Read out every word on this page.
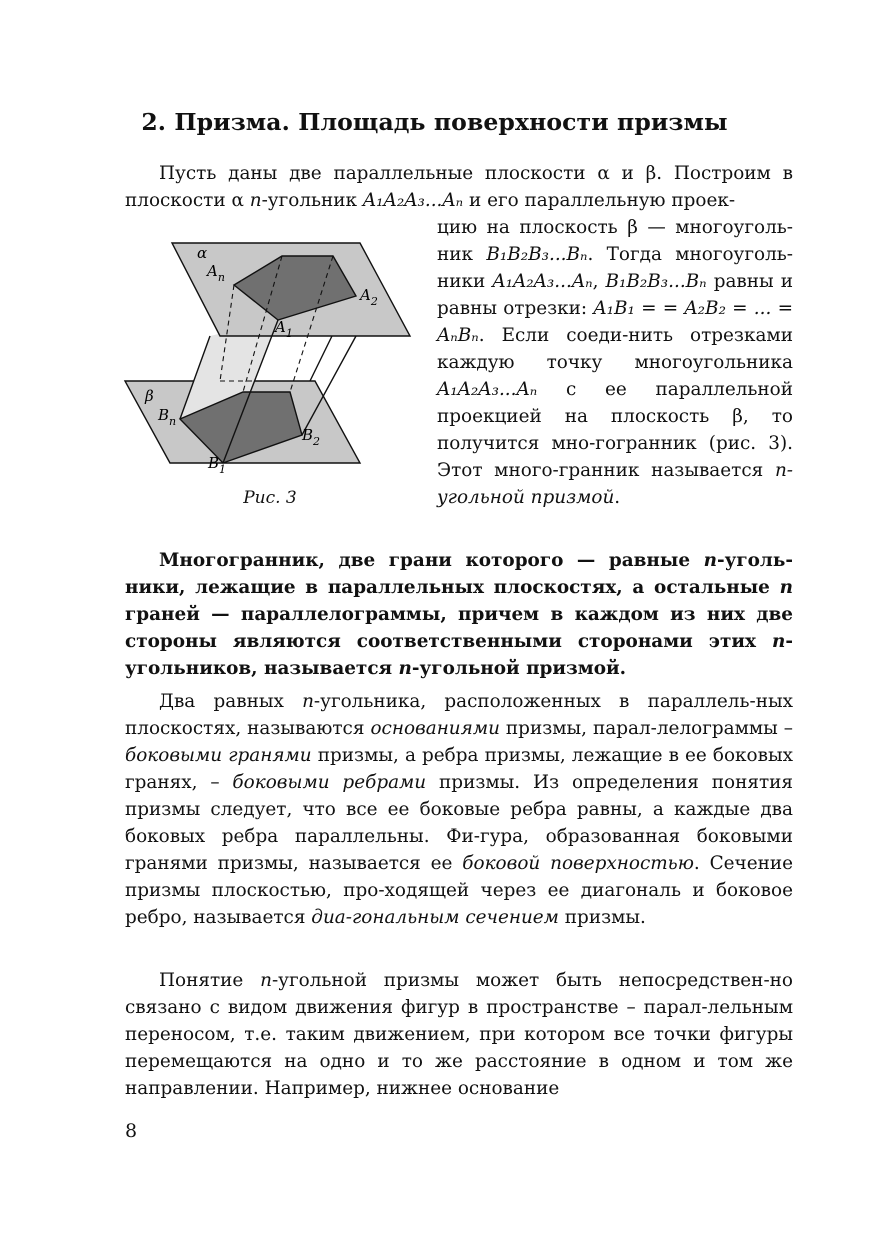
2. Призма. Площадь поверхности призмы

Пусть даны две параллельные плоскости α и β. Построим в плоскости α n-угольник A₁A₂A₃...Aₙ и его параллельную проек-

цию на плоскость β — многоуголь-ник B₁B₂B₃...Bₙ. Тогда многоуголь-ники A₁A₂A₃...Aₙ, B₁B₂B₃...Bₙ равны и равны отрезки: A₁B₁ = = A₂B₂ = ... = AₙBₙ. Если соеди-нить отрезками каждую точку многоугольника A₁A₂A₃...Aₙ с ее параллельной проекцией на плоскость β, то получится мно-гогранник (рис. 3). Этот много-гранник называется n-угольной призмой.

α
$A_n$
$A_1$
$A_2$
β
$B_n$
$B_1$
$B_2$
Рис. 3

Многогранник, две грани которого — равные n-уголь-ники, лежащие в параллельных плоскостях, а остальные n граней — параллелограммы, причем в каждом из них две стороны являются соответственными сторонами этих n-угольников, называется n-угольной призмой.

Два равных n-угольника, расположенных в параллель-ных плоскостях, называются основаниями призмы, парал-лелограммы – боковыми гранями призмы, а ребра призмы, лежащие в ее боковых гранях, – боковыми ребрами призмы. Из определения понятия призмы следует, что все ее боковые ребра равны, а каждые два боковых ребра параллельны. Фи-гура, образованная боковыми гранями призмы, называется ее боковой поверхностью. Сечение призмы плоскостью, про-ходящей через ее диагональ и боковое ребро, называется диа-гональным сечением призмы.

Понятие n-угольной призмы может быть непосредствен-но связано с видом движения фигур в пространстве – парал-лельным переносом, т.е. таким движением, при котором все точки фигуры перемещаются на одно и то же расстояние в одном и том же направлении. Например, нижнее основание

8
